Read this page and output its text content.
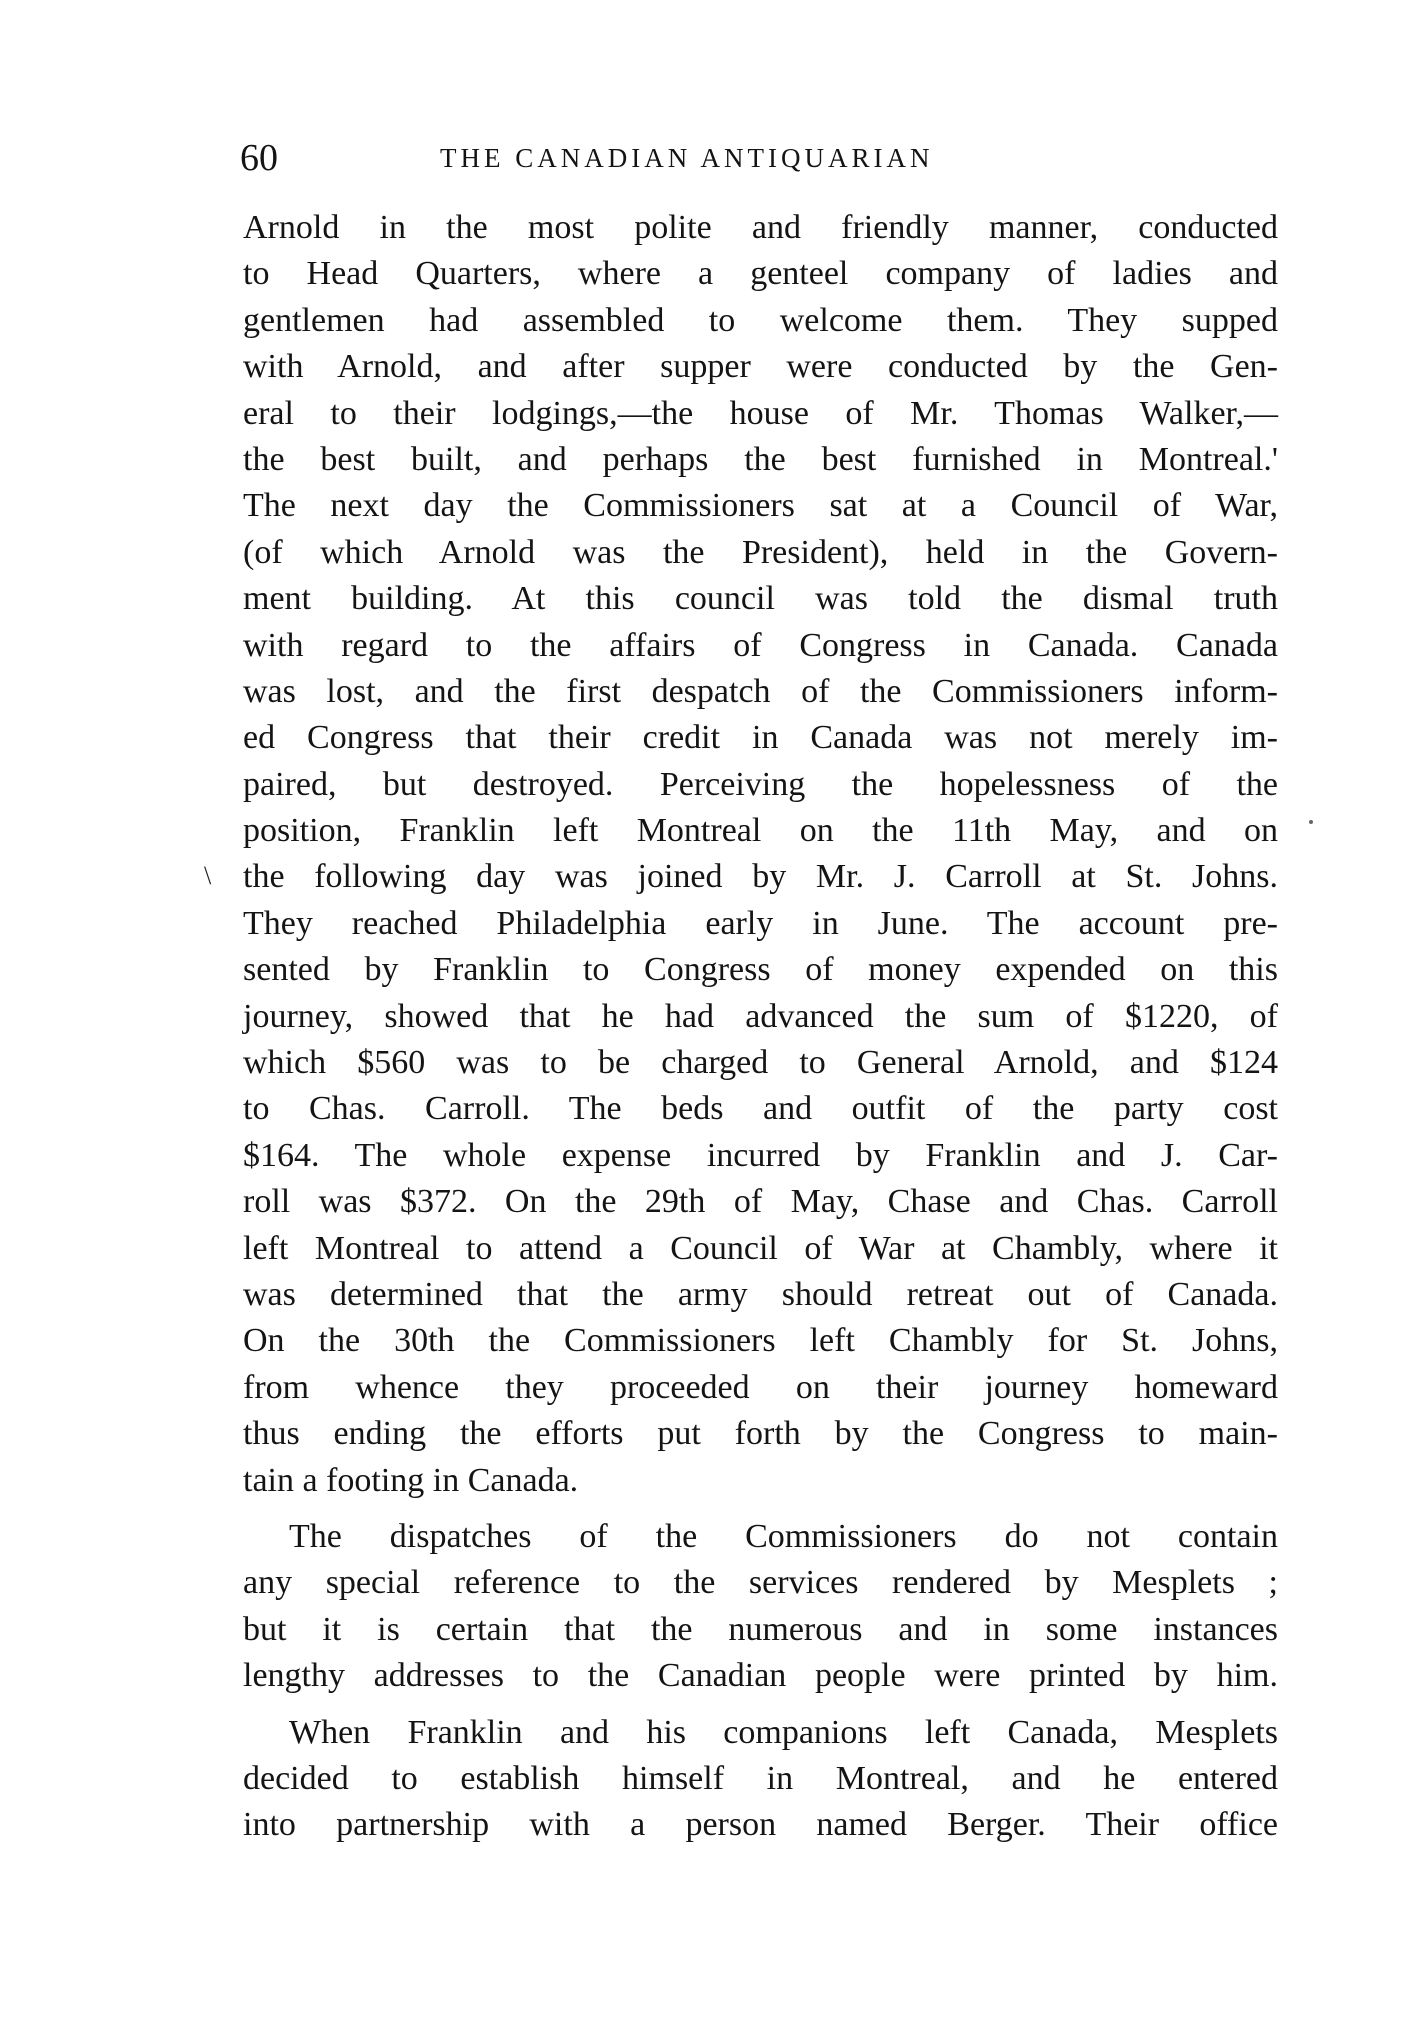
60	THE CANADIAN ANTIQUARIAN
\
Arnold in the most polite and friendly manner, conducted
to Head Quarters, where a genteel company of ladies and
gentlemen had assembled to welcome them. They supped
with Arnold, and after supper were conducted by the Gen-
eral to their lodgings,—the house of Mr. Thomas Walker,—
the best built, and perhaps the best furnished in Montreal.'
The next day the Commissioners sat at a Council of War,
(of which Arnold was the President), held in the Govern-
ment building. At this council was told the dismal truth
with regard to the affairs of Congress in Canada. Canada
was lost, and the first despatch of the Commissioners inform-
ed Congress that their credit in Canada was not merely im-
paired, but destroyed. Perceiving the hopelessness of the
position, Franklin left Montreal on the 11th May, and on
the following day was joined by Mr. J. Carroll at St. Johns.
They reached Philadelphia early in June. The account pre-
sented by Franklin to Congress of money expended on this
journey, showed that he had advanced the sum of $1220, of
which $560 was to be charged to General Arnold, and $124
to Chas. Carroll. The beds and outfit of the party cost
$164. The whole expense incurred by Franklin and J. Car-
roll was $372. On the 29th of May, Chase and Chas. Carroll
left Montreal to attend a Council of War at Chambly, where it
was determined that the army should retreat out of Canada.
On the 30th the Commissioners left Chambly for St. Johns,
from whence they proceeded on their journey homeward
thus ending the efforts put forth by the Congress to main-
tain a footing in Canada.
The dispatches of the Commissioners do not contain
any special reference to the services rendered by Mesplets ;
but it is certain that the numerous and in some instances
lengthy addresses to the Canadian people were printed by him.
When Franklin and his companions left Canada, Mesplets
decided to establish himself in Montreal, and he entered
into partnership with a person named Berger. Their office
